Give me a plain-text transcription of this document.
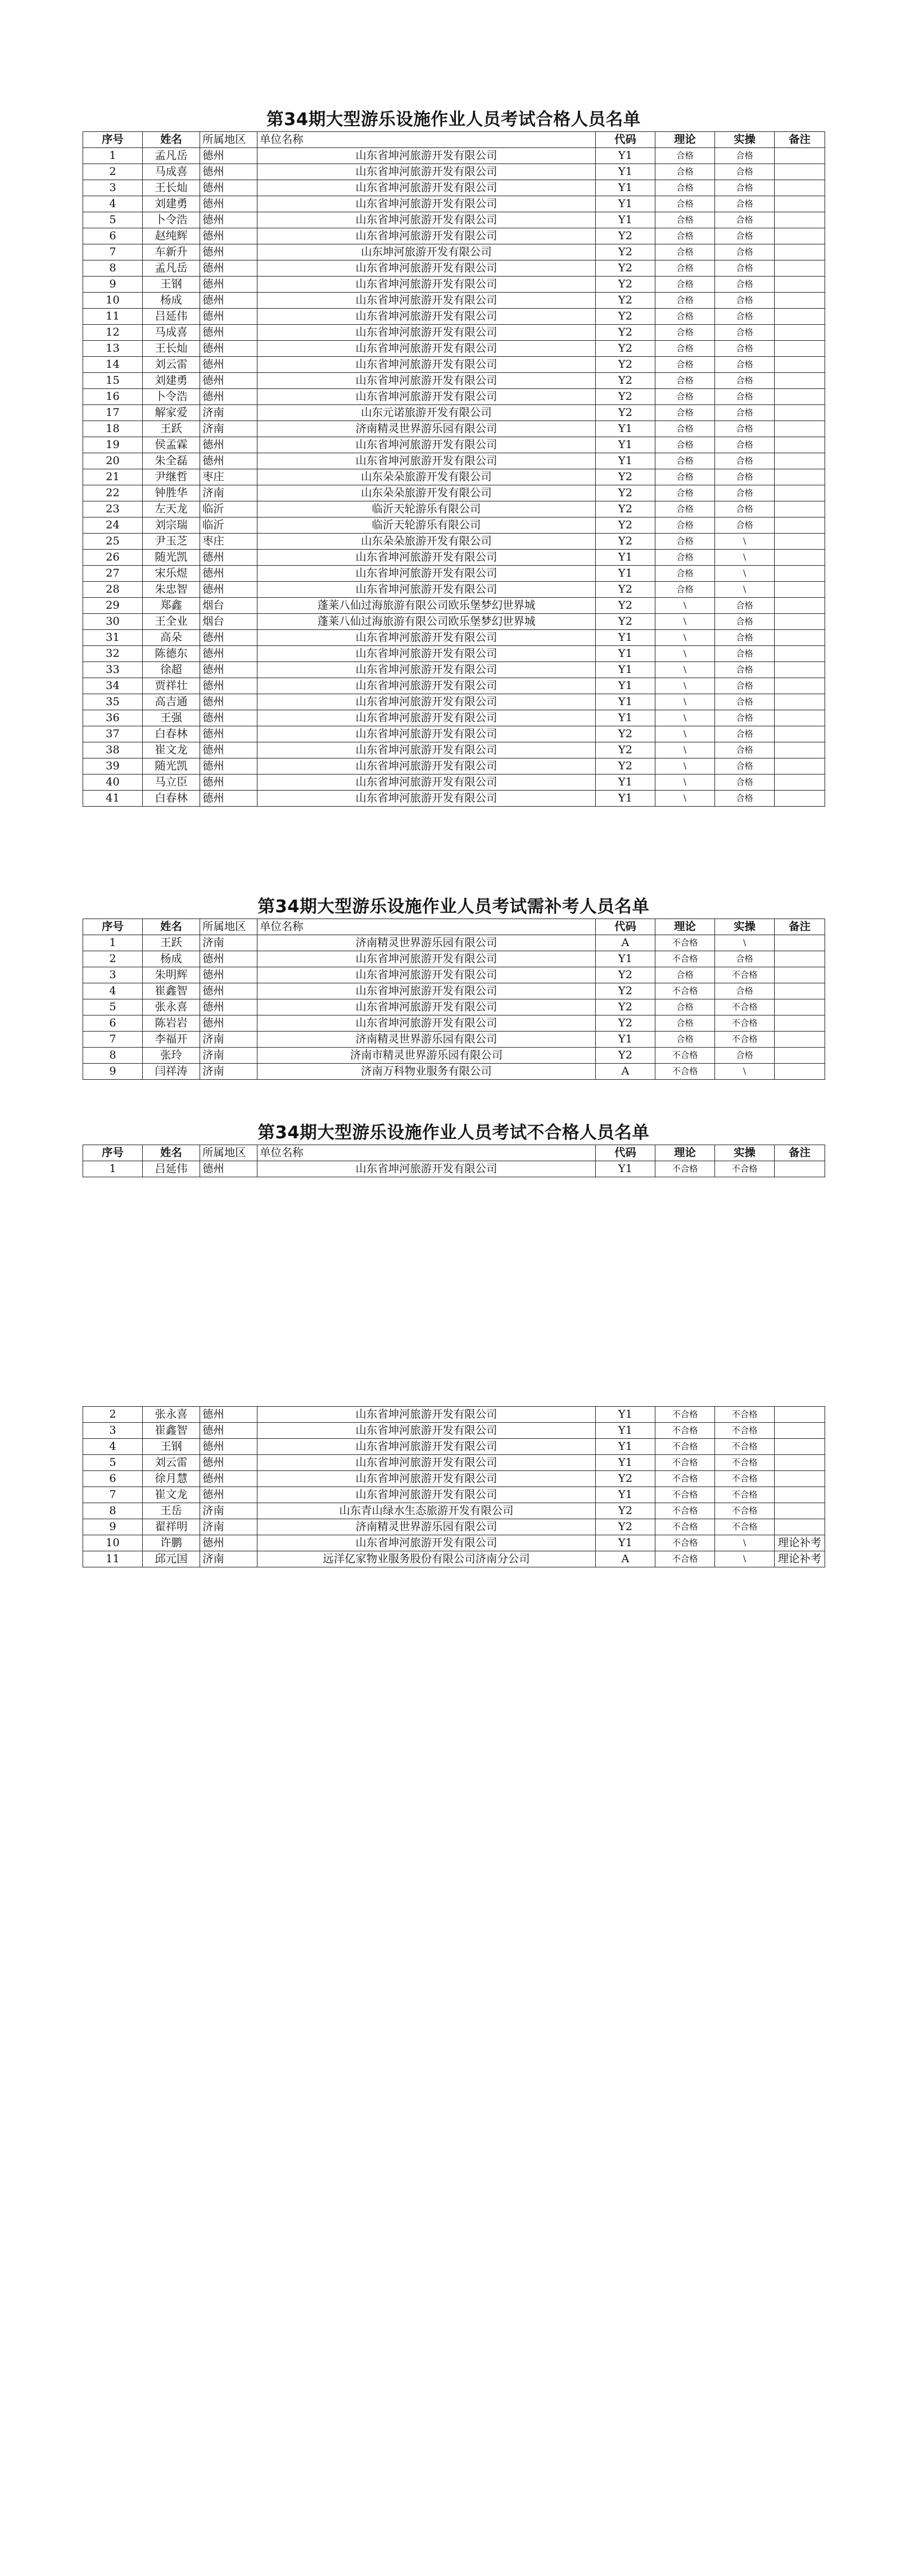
第34期大型游乐设施作业人员考试合格人员名单
序号	姓名	所属地区	单位名称	代码	理论	实操	备注
1	孟凡岳	德州	山东省坤河旅游开发有限公司	Y1	合格	合格	
2	马成喜	德州	山东省坤河旅游开发有限公司	Y1	合格	合格	
3	王长灿	德州	山东省坤河旅游开发有限公司	Y1	合格	合格	
4	刘建勇	德州	山东省坤河旅游开发有限公司	Y1	合格	合格	
5	卜令浩	德州	山东省坤河旅游开发有限公司	Y1	合格	合格	
6	赵纯辉	德州	山东省坤河旅游开发有限公司	Y2	合格	合格	
7	车新升	德州	山东坤河旅游开发有限公司	Y2	合格	合格	
8	孟凡岳	德州	山东省坤河旅游开发有限公司	Y2	合格	合格	
9	王钢	德州	山东省坤河旅游开发有限公司	Y2	合格	合格	
10	杨成	德州	山东省坤河旅游开发有限公司	Y2	合格	合格	
11	吕延伟	德州	山东省坤河旅游开发有限公司	Y2	合格	合格	
12	马成喜	德州	山东省坤河旅游开发有限公司	Y2	合格	合格	
13	王长灿	德州	山东省坤河旅游开发有限公司	Y2	合格	合格	
14	刘云雷	德州	山东省坤河旅游开发有限公司	Y2	合格	合格	
15	刘建勇	德州	山东省坤河旅游开发有限公司	Y2	合格	合格	
16	卜令浩	德州	山东省坤河旅游开发有限公司	Y2	合格	合格	
17	解家爱	济南	山东元诺旅游开发有限公司	Y2	合格	合格	
18	王跃	济南	济南精灵世界游乐园有限公司	Y1	合格	合格	
19	侯孟霖	德州	山东省坤河旅游开发有限公司	Y1	合格	合格	
20	朱全磊	德州	山东省坤河旅游开发有限公司	Y1	合格	合格	
21	尹继哲	枣庄	山东朵朵旅游开发有限公司	Y2	合格	合格	
22	钟胜华	济南	山东朵朵旅游开发有限公司	Y2	合格	合格	
23	左天龙	临沂	临沂天轮游乐有限公司	Y2	合格	合格	
24	刘宗瑞	临沂	临沂天轮游乐有限公司	Y2	合格	合格	
25	尹玉芝	枣庄	山东朵朵旅游开发有限公司	Y2	合格	\	
26	随光凯	德州	山东省坤河旅游开发有限公司	Y1	合格	\	
27	宋乐煜	德州	山东省坤河旅游开发有限公司	Y1	合格	\	
28	朱忠智	德州	山东省坤河旅游开发有限公司	Y2	合格	\	
29	郑鑫	烟台	蓬莱八仙过海旅游有限公司欧乐堡梦幻世界城	Y2	\	合格	
30	王全业	烟台	蓬莱八仙过海旅游有限公司欧乐堡梦幻世界城	Y2	\	合格	
31	高朵	德州	山东省坤河旅游开发有限公司	Y1	\	合格	
32	陈德东	德州	山东省坤河旅游开发有限公司	Y1	\	合格	
33	徐超	德州	山东省坤河旅游开发有限公司	Y1	\	合格	
34	贾祥壮	德州	山东省坤河旅游开发有限公司	Y1	\	合格	
35	高吉通	德州	山东省坤河旅游开发有限公司	Y1	\	合格	
36	王强	德州	山东省坤河旅游开发有限公司	Y1	\	合格	
37	白春林	德州	山东省坤河旅游开发有限公司	Y2	\	合格	
38	崔文龙	德州	山东省坤河旅游开发有限公司	Y2	\	合格	
39	随光凯	德州	山东省坤河旅游开发有限公司	Y2	\	合格	
40	马立臣	德州	山东省坤河旅游开发有限公司	Y1	\	合格	
41	白春林	德州	山东省坤河旅游开发有限公司	Y1	\	合格	
第34期大型游乐设施作业人员考试需补考人员名单
序号	姓名	所属地区	单位名称	代码	理论	实操	备注
1	王跃	济南	济南精灵世界游乐园有限公司	A	不合格	\	
2	杨成	德州	山东省坤河旅游开发有限公司	Y1	不合格	合格	
3	朱明辉	德州	山东省坤河旅游开发有限公司	Y2	合格	不合格	
4	崔鑫智	德州	山东省坤河旅游开发有限公司	Y2	不合格	合格	
5	张永喜	德州	山东省坤河旅游开发有限公司	Y2	合格	不合格	
6	陈岩岩	德州	山东省坤河旅游开发有限公司	Y2	合格	不合格	
7	李福开	济南	济南精灵世界游乐园有限公司	Y1	合格	不合格	
8	张玲	济南	济南市精灵世界游乐园有限公司	Y2	不合格	合格	
9	闫祥涛	济南	济南万科物业服务有限公司	A	不合格	\	
第34期大型游乐设施作业人员考试不合格人员名单
序号	姓名	所属地区	单位名称	代码	理论	实操	备注
1	吕延伟	德州	山东省坤河旅游开发有限公司	Y1	不合格	不合格	
2	张永喜	德州	山东省坤河旅游开发有限公司	Y1	不合格	不合格	
3	崔鑫智	德州	山东省坤河旅游开发有限公司	Y1	不合格	不合格	
4	王钢	德州	山东省坤河旅游开发有限公司	Y1	不合格	不合格	
5	刘云雷	德州	山东省坤河旅游开发有限公司	Y1	不合格	不合格	
6	徐月慧	德州	山东省坤河旅游开发有限公司	Y2	不合格	不合格	
7	崔文龙	德州	山东省坤河旅游开发有限公司	Y1	不合格	不合格	
8	王岳	济南	山东青山绿水生态旅游开发有限公司	Y2	不合格	不合格	
9	翟祥明	济南	济南精灵世界游乐园有限公司	Y2	不合格	不合格	
10	许鹏	德州	山东省坤河旅游开发有限公司	Y1	不合格	\	理论补考
11	邱元国	济南	远洋亿家物业服务股份有限公司济南分公司	A	不合格	\	理论补考
